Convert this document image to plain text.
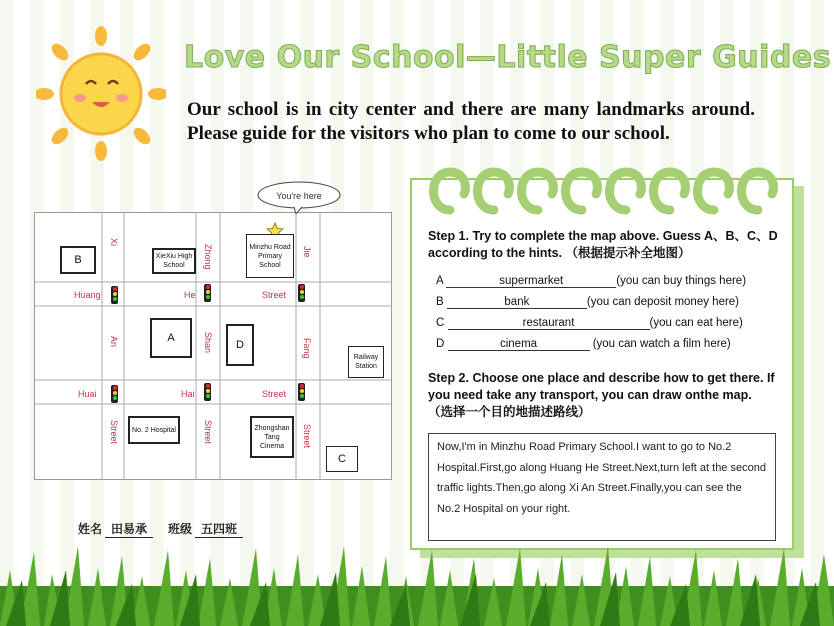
Love Our School—Little Super Guides
Our school is in city center and there are many landmarks around. Please guide for the visitors who plan to come to our school.
You're here
Huang	He	Street
Huai	Hai	Street
Xi
An
Street
Zhong
Shan
Street
Jie
Fang
Street
B	XieXiu High School
Minzhu Road Primary School
A
D
Railway Station
No. 2 Hospital	Zhongshan Tang Cinema
C
Step 1. Try to complete the map above. Guess A、B、C、D according to the hints. （根据提示补全地图）
A	supermarket	(you can buy things here)
B	bank	(you can deposit money here)
C	restaurant	(you can eat here)
D	cinema	(you can watch a film here)
Step 2. Choose one place and describe how to get there. If you need take any transport, you can draw onthe map. （选择一个目的地描述路线）
Now,I'm in Minzhu Road Primary School.I want to go to No.2 Hospital.First,go along Huang He Street.Next,turn left at the second traffic lights.Then,go along Xi An Street.Finally,you can see the No.2 Hospital on your right.
姓名 田易承 班级 五四班
